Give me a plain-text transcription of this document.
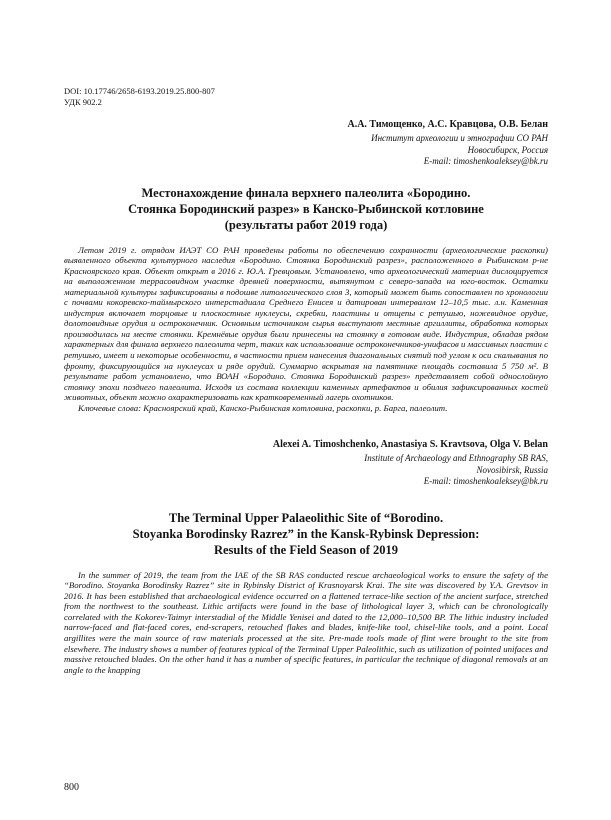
DOI: 10.17746/2658-6193.2019.25.800-807
УДК 902.2
А.А. Тимощенко, А.С. Кравцова, О.В. Белан
Институт археологии и этнографии СО РАН
Новосибирск, Россия
E-mail: timoshenkoaleksey@bk.ru
Местонахождение финала верхнего палеолита «Бородино.
Стоянка Бородинский разрез» в Канско-Рыбинской котловине
(результаты работ 2019 года)

Летом 2019 г. отрядом ИАЭТ СО РАН проведены работы по обеспечению сохранности (археологические раскопки) выявленного объекта культурного наследия «Бородино. Стоянка Бородинский разрез», расположенного в Рыбинском р-не Красноярского края. Объект открыт в 2016 г. Ю.А. Гревцовым. Установлено, что археологический материал дислоцируется на выположенном террасовидном участке древней поверхности, вытянутом с северо-запада на юго-восток. Остатки материальной культуры зафиксированы в подошве литологического слоя 3, который может быть сопоставлен по хронологии с почвами кокоревско-таймырского интерстадиала Среднего Енисея и датирован интервалом 12–10,5 тыс. л.н. Каменная индустрия включает торцовые и плоскостные нуклеусы, скребки, пластины и отщепы с ретушью, ножевидное орудие, долотовидные орудия и остроконечник. Основным источником сырья выступают местные аргиллиты, обработка которых производилась на месте стоянки. Кремнёвые орудия были принесены на стоянку в готовом виде. Индустрия, обладая рядом характерных для финала верхнего палеолита черт, таких как использование остроконечников-унифасов и массивных пластин с ретушью, имеет и некоторые особенности, в частности прием нанесения диагональных снятий под углом к оси скалывания по фронту, фиксирующийся на нуклеусах и ряде орудий. Суммарно вскрытая на памятнике площадь составила 5 750 м². В результате работ установлено, что ВОАН «Бородино. Стоянка Бородинский разрез» представляет собой однослойную стоянку эпохи позднего палеолита. Исходя из состава коллекции каменных артефактов и обилия зафиксированных костей животных, объект можно охарактеризовать как кратковременный лагерь охотников.

Ключевые слова: Красноярский край, Канско-Рыбинская котловина, раскопки, р. Барга, палеолит.

Alexei A. Timoshchenko, Anastasiya S. Kravtsova, Olga V. Belan
Institute of Archaeology and Ethnography SB RAS,
Novosibirsk, Russia
E-mail: timoshenkoaleksey@bk.ru
The Terminal Upper Palaeolithic Site of “Borodino.
Stoyanka Borodinsky Razrez” in the Kansk-Rybinsk Depression:
Results of the Field Season of 2019

In the summer of 2019, the team from the IAE of the SB RAS conducted rescue archaeological works to ensure the safety of the “Borodino. Stoyanka Borodinsky Razrez” site in Rybinsky District of Krasnoyarsk Krai. The site was discovered by Y.A. Grevtsov in 2016. It has been established that archaeological evidence occurred on a flattened terrace-like section of the ancient surface, stretched from the northwest to the southeast. Lithic artifacts were found in the base of lithological layer 3, which can be chronologically correlated with the Kokorev-Taimyr interstadial of the Middle Yenisei and dated to the 12,000–10,500 BP. The lithic industry included narrow-faced and flat-faced cores, end-scrapers, retouched flakes and blades, knife-like tool, chisel-like tools, and a point. Local argillites were the main source of raw materials processed at the site. Pre-made tools made of flint were brought to the site from elsewhere. The industry shows a number of features typical of the Terminal Upper Paleolithic, such as utilization of pointed unifaces and massive retouched blades. On the other hand it has a number of specific features, in particular the technique of diagonal removals at an angle to the knapping

800
